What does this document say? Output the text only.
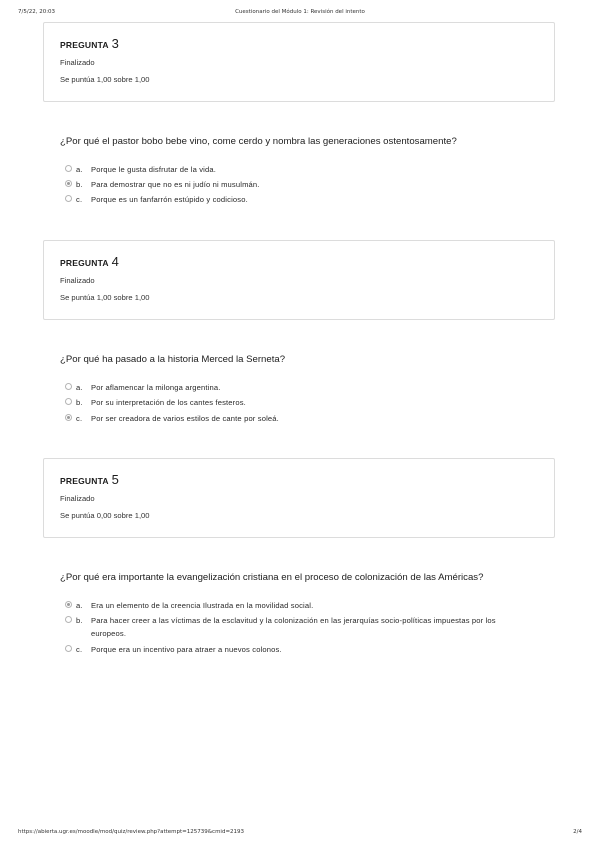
7/5/22, 20:03	Cuestionario del Módulo 1: Revisión del intento
PREGUNTA 3
Finalizado
Se puntúa 1,00 sobre 1,00
¿Por qué el pastor bobo bebe vino, come cerdo y nombra las generaciones ostentosamente?
a. Porque le gusta disfrutar de la vida.
b. Para demostrar que no es ni judío ni musulmán.
c. Porque es un fanfarrón estúpido y codicioso.
PREGUNTA 4
Finalizado
Se puntúa 1,00 sobre 1,00
¿Por qué ha pasado a la historia Merced la Serneta?
a. Por aflamencar la milonga argentina.
b. Por su interpretación de los cantes festeros.
c. Por ser creadora de varios estilos de cante por soleá.
PREGUNTA 5
Finalizado
Se puntúa 0,00 sobre 1,00
¿Por qué era importante la evangelización cristiana en el proceso de colonización de las Américas?
a. Era un elemento de la creencia Ilustrada en la movilidad social.
b. Para hacer creer a las víctimas de la esclavitud y la colonización en las jerarquías socio-políticas impuestas por los europeos.
c. Porque era un incentivo para atraer a nuevos colonos.
https://abierta.ugr.es/moodle/mod/quiz/review.php?attempt=125739&cmid=2193	2/4
